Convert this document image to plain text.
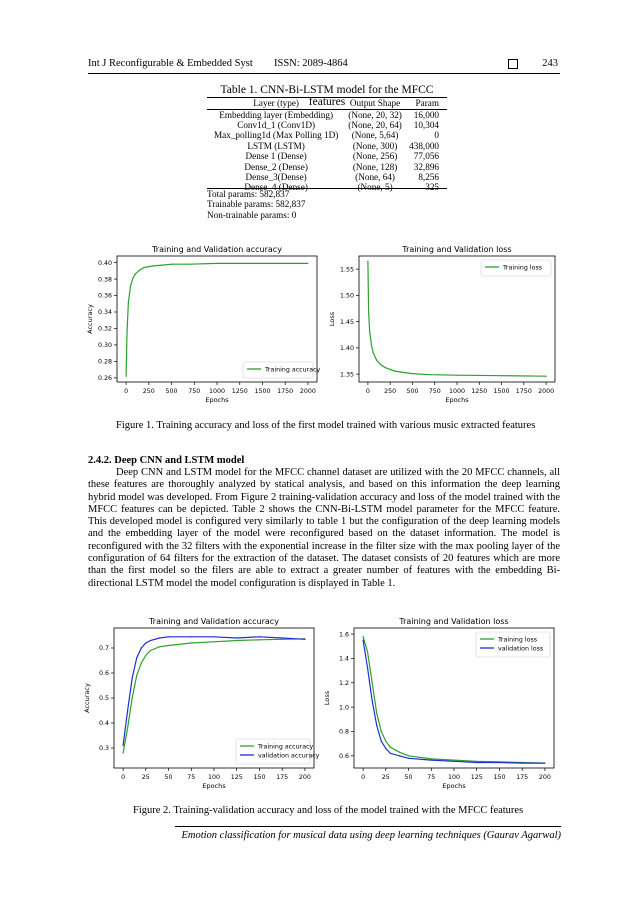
Int J Reconfigurable & Embedded Syst ISSN: 2089-4864	243
Table 1. CNN-Bi-LSTM model for the MFCC features
Layer (type)	Output Shape	Param
Embedding layer (Embedding)	(None, 20, 32)	16,000
Conv1d_1 (Conv1D)	(None, 20, 64)	10,304
Max_polling1d (Max Polling 1D)	(None, 5,64)	0
LSTM (LSTM)	(None, 300)	438,000
Dense 1 (Dense)	(None, 256)	77,056
Dense_2 (Dense)	(None, 128)	32,896
Dense_3(Dense)	(None, 64)	8,256
Dense_4 (Dense)	(None, 5)	325
Total params: 582,837
Trainable params: 582,837
Non-trainable params: 0
Training and Validation accuracy
0 250 500 750 1000 1250 1500 1750 2000
0.26
0.28
0.30
0.32
0.34
0.36
0.38
0.40
Epochs
Accuracy
Training accuracy
Training and Validation loss
0 250 500 750 1000 1250 1500 1750 2000
1.35
1.40
1.45
1.50
1.55
Epochs
Loss
Training loss
Figure 1. Training accuracy and loss of the first model trained with various music extracted features
2.4.2. Deep CNN and LSTM model
Deep CNN and LSTM model for the MFCC channel dataset are utilized with the 20 MFCC channels, all these features are thoroughly analyzed by statical analysis, and based on this information the deep learning hybrid model was developed. From Figure 2 training-validation accuracy and loss of the model trained with the MFCC features can be depicted. Table 2 shows the CNN-Bi-LSTM model parameter for the MFCC feature. This developed model is configured very similarly to table 1 but the configuration of the deep learning models and the embedding layer of the model were reconfigured based on the dataset information. The model is reconfigured with the 32 filters with the exponential increase in the filter size with the max pooling layer of the configuration of 64 filters for the extraction of the dataset. The dataset consists of 20 features which are more than the first model so the filers are able to extract a greater number of features with the embedding Bi-directional LSTM model the model configuration is displayed in Table 1.
Training and Validation accuracy
0	25 50 75 100 125 150 175 200
0.3
0.4
0.5
0.6
0.7
Epochs
Accuracy
Training accuracy
validation accuracy
Training and Validation loss
0	25 50 75 100 125 150 175 200
0.6
0.8
1.0
1.2
1.4
1.6
Epochs
Loss
Training loss
validation loss
Figure 2. Training-validation accuracy and loss of the model trained with the MFCC features
Emotion classification for musical data using deep learning techniques (Gaurav Agarwal)
